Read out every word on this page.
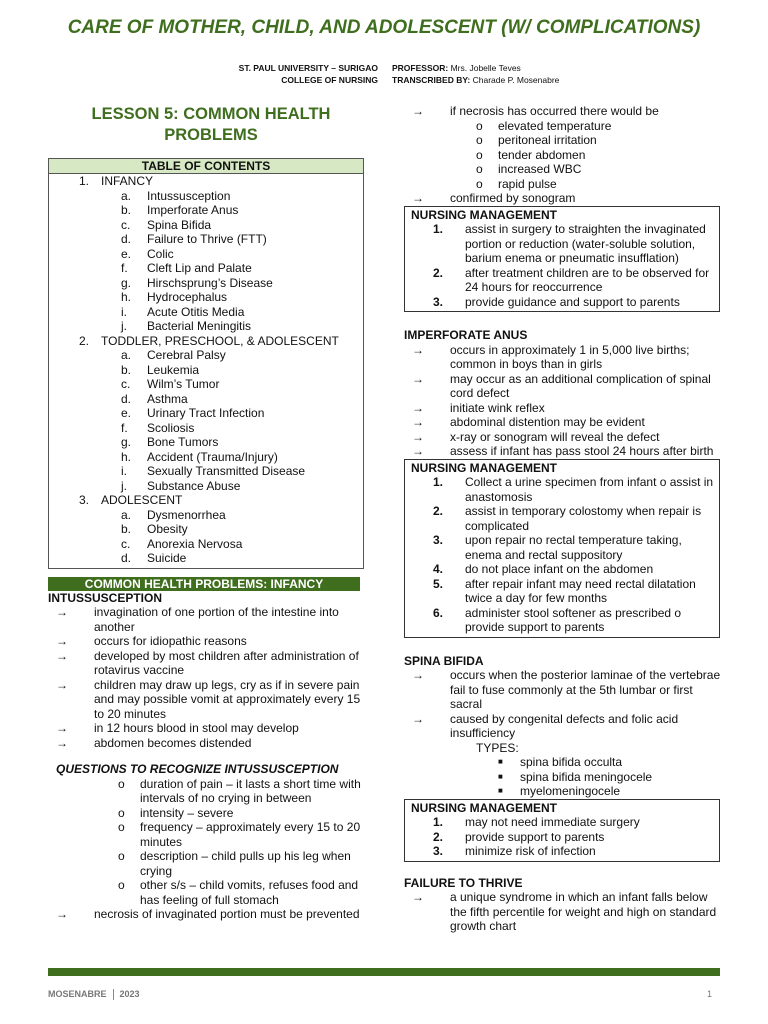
CARE OF MOTHER, CHILD, AND ADOLESCENT (W/ COMPLICATIONS)
ST. PAUL UNIVERSITY – SURIGAO PROFESSOR: Mrs. Jobelle Teves
COLLEGE OF NURSING TRANSCRIBED BY: Charade P. Mosenabre
LESSON 5: COMMON HEALTH PROBLEMS
TABLE OF CONTENTS
1. INFANCY
a.	Intussusception
b.	Imperforate Anus
c.	Spina Bifida
d.	Failure to Thrive (FTT)
e.	Colic
f.	Cleft Lip and Palate
g.	Hirschsprung’s Disease
h.	Hydrocephalus
i.	Acute Otitis Media
j.	Bacterial Meningitis
2. TODDLER, PRESCHOOL, & ADOLESCENT
a.	Cerebral Palsy
b.	Leukemia
c.	Wilm’s Tumor
d.	Asthma
e.	Urinary Tract Infection
f.	Scoliosis
g.	Bone Tumors
h.	Accident (Trauma/Injury)
i.	Sexually Transmitted Disease
j.	Substance Abuse
3. ADOLESCENT
a.	Dysmenorrhea
b.	Obesity
c.	Anorexia Nervosa
d.	Suicide
COMMON HEALTH PROBLEMS: INFANCY
INTUSSUSCEPTION
→	invagination of one portion of the intestine into another
→	occurs for idiopathic reasons
→	developed by most children after administration of rotavirus vaccine
→	children may draw up legs, cry as if in severe pain and may possible vomit at approximately every 15 to 20 minutes
→	in 12 hours blood in stool may develop
→	abdomen becomes distended
QUESTIONS TO RECOGNIZE INTUSSUSCEPTION
o	duration of pain – it lasts a short time with intervals of no crying in between
o	intensity – severe
o	frequency – approximately every 15 to 20 minutes
o	description – child pulls up his leg when crying
o	other s/s – child vomits, refuses food and has feeling of full stomach
→	necrosis of invaginated portion must be prevented
→	if necrosis has occurred there would be
o	elevated temperature
o	peritoneal irritation
o	tender abdomen
o	increased WBC
o	rapid pulse
→	confirmed by sonogram
NURSING MANAGEMENT
1.	assist in surgery to straighten the invaginated portion or reduction (water-soluble solution, barium enema or pneumatic insufflation)
2.	after treatment children are to be observed for 24 hours for reoccurrence
3.	provide guidance and support to parents
IMPERFORATE ANUS
→	occurs in approximately 1 in 5,000 live births; common in boys than in girls
→	may occur as an additional complication of spinal cord defect
→	initiate wink reflex
→	abdominal distention may be evident
→	x-ray or sonogram will reveal the defect
→	assess if infant has pass stool 24 hours after birth
NURSING MANAGEMENT
1.	Collect a urine specimen from infant o assist in anastomosis
2.	assist in temporary colostomy when repair is complicated
3.	upon repair no rectal temperature taking, enema and rectal suppository
4.	do not place infant on the abdomen
5.	after repair infant may need rectal dilatation twice a day for few months
6.	administer stool softener as prescribed o provide support to parents
SPINA BIFIDA
→	occurs when the posterior laminae of the vertebrae fail to fuse commonly at the 5th lumbar or first sacral
→	caused by congenital defects and folic acid insufficiency
TYPES:
■	spina bifida occulta
■	spina bifida meningocele
■	myelomeningocele
NURSING MANAGEMENT
1.	may not need immediate surgery
2.	provide support to parents
3.	minimize risk of infection
FAILURE TO THRIVE
→	a unique syndrome in which an infant falls below the fifth percentile for weight and high on standard growth chart
MOSENABRE 2023	1
